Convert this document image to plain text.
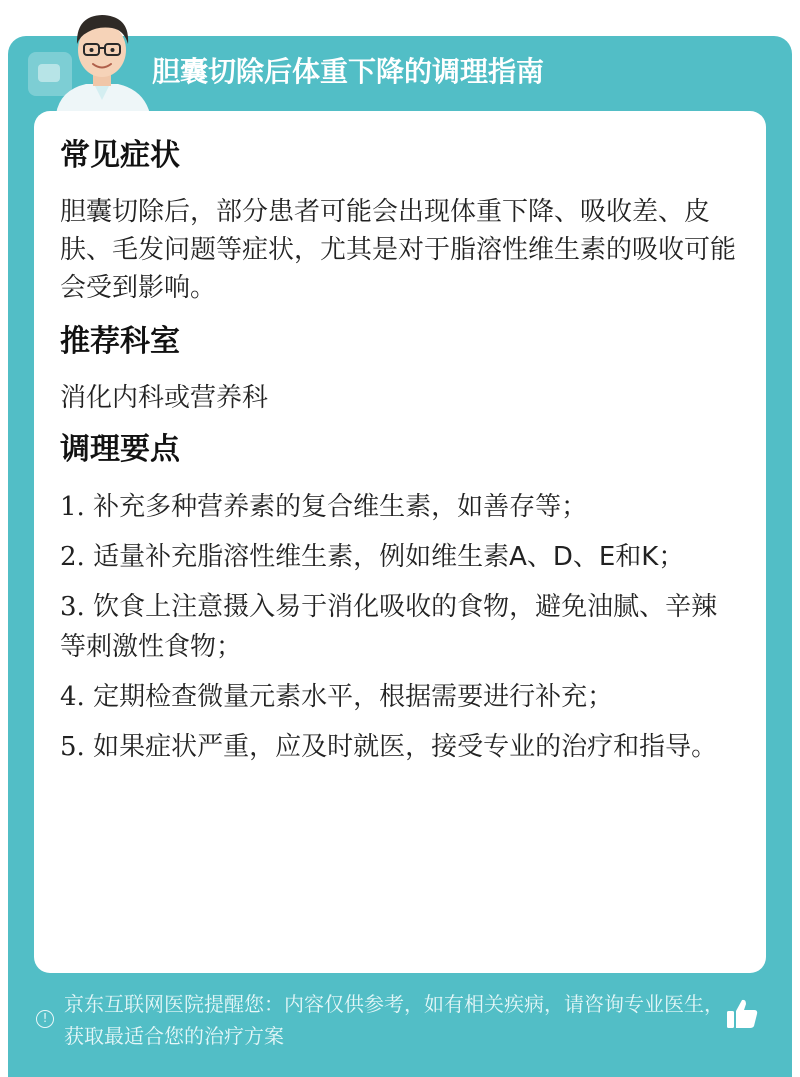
胆囊切除后体重下降的调理指南
常见症状
胆囊切除后，部分患者可能会出现体重下降、吸收差、皮肤、毛发问题等症状，尤其是对于脂溶性维生素的吸收可能会受到影响。
推荐科室
消化内科或营养科
调理要点
1. 补充多种营养素的复合维生素，如善存等；
2. 适量补充脂溶性维生素，例如维生素A、D、E和K；
3. 饮食上注意摄入易于消化吸收的食物，避免油腻、辛辣等刺激性食物；
4. 定期检查微量元素水平，根据需要进行补充；
5. 如果症状严重，应及时就医，接受专业的治疗和指导。
!
京东互联网医院提醒您：内容仅供参考，如有相关疾病，请咨询专业医生，获取最适合您的治疗方案
